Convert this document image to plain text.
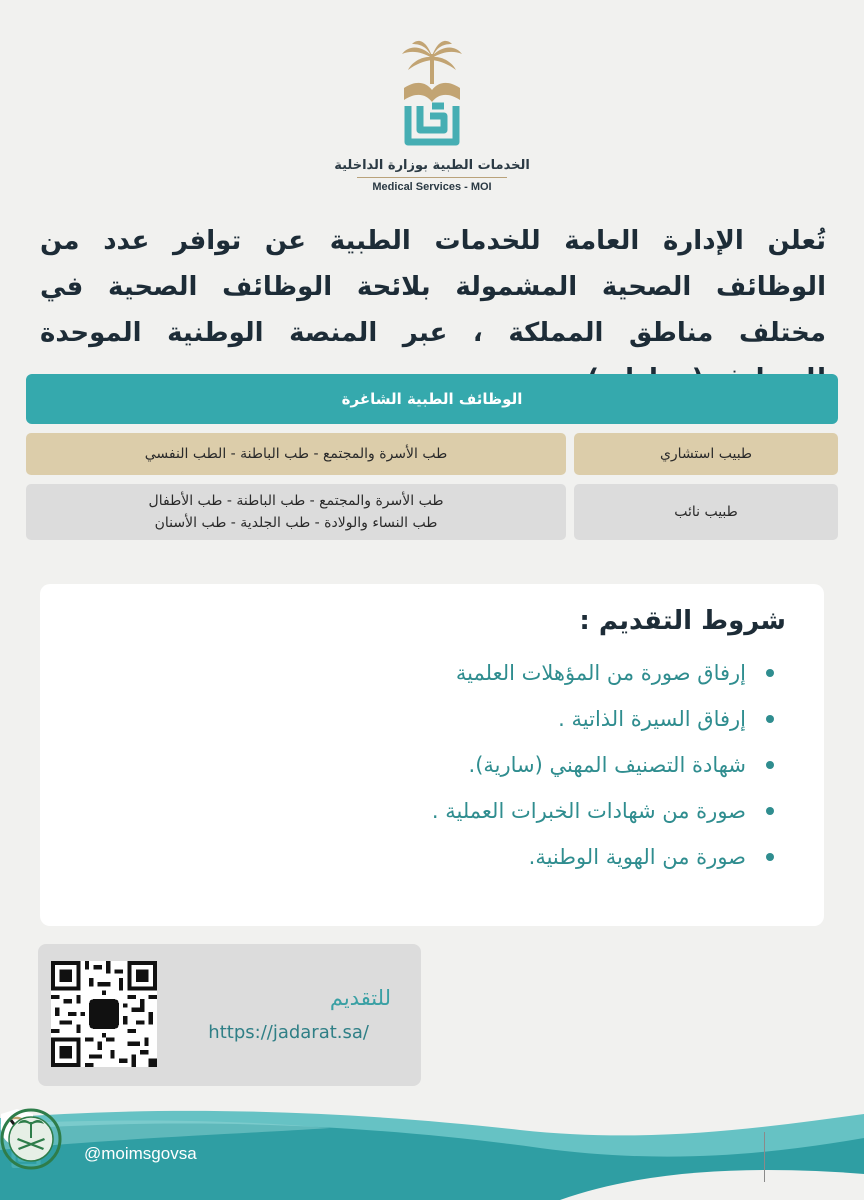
الخدمات الطبية بوزارة الداخلية
Medical Services - MOI
تُعلن الإدارة العامة للخدمات الطبية عن توافر عدد من الوظائف الصحية المشمولة بلائحة الوظائف الصحية في مختلف مناطق المملكة ، عبر المنصة الوطنية الموحدة
الوظائف الطبية الشاغرة
طبيب استشاري
طب الأسرة والمجتمع - طب الباطنة - الطب النفسي
طبيب نائب
طب الأسرة والمجتمع - طب الباطنة - طب الأطفال
طب النساء والولادة - طب الجلدية - طب الأسنان
شروط التقديم :
إرفاق صورة من المؤهلات العلمية
إرفاق السيرة الذاتية .
شهادة التصنيف المهني (سارية).
صورة من شهادات الخبرات العملية .
صورة من الهوية الوطنية.
للتقديم
https://jadarat.sa/
@moimsgovsa
